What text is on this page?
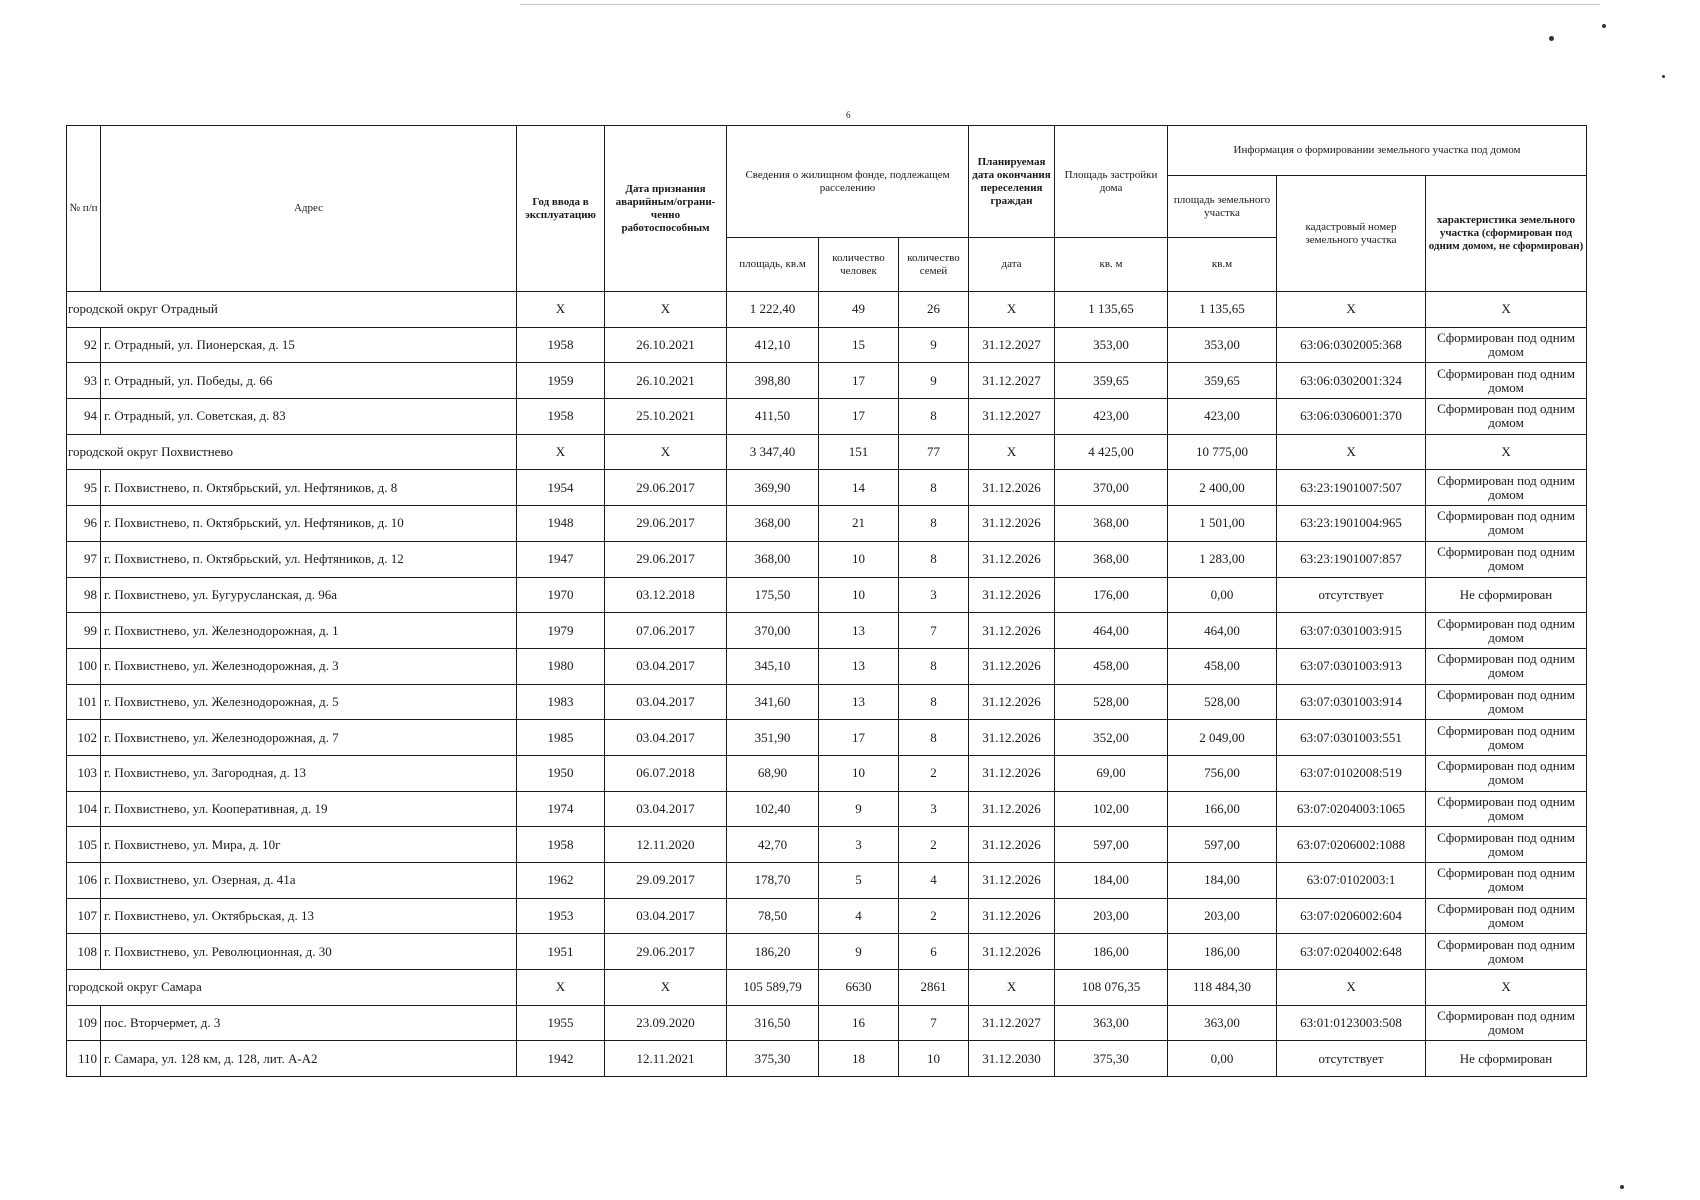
6
№ п/п	Адрес	Год ввода в эксплуатацию	Дата признания аварийным/ограни-ченно работоспособным	Сведения о жилищном фонде, подлежащем расселению			Планируемая дата окончания переселения граждан	Площадь застройки дома	Информация о формировании земельного участка под домом		
									площадь земельного участка	кадастровый номер земельного участка	характеристика земельного участка (сформирован под одним домом, не сформирован)
				площадь, кв.м	количество человек	количество семей	дата	кв. м	кв.м		
городской округ Отрадный		X	X	1 222,40	49	26	X	1 135,65	1 135,65	X	X
92	г. Отрадный, ул. Пионерская, д. 15	1958	26.10.2021	412,10	15	9	31.12.2027	353,00	353,00	63:06:0302005:368	Сформирован под одним домом
93	г. Отрадный, ул. Победы, д. 66	1959	26.10.2021	398,80	17	9	31.12.2027	359,65	359,65	63:06:0302001:324	Сформирован под одним домом
94	г. Отрадный, ул. Советская, д. 83	1958	25.10.2021	411,50	17	8	31.12.2027	423,00	423,00	63:06:0306001:370	Сформирован под одним домом
городской округ Похвистнево		X	X	3 347,40	151	77	X	4 425,00	10 775,00	X	X
95	г. Похвистнево, п. Октябрьский, ул. Нефтяников, д. 8	1954	29.06.2017	369,90	14	8	31.12.2026	370,00	2 400,00	63:23:1901007:507	Сформирован под одним домом
96	г. Похвистнево, п. Октябрьский, ул. Нефтяников, д. 10	1948	29.06.2017	368,00	21	8	31.12.2026	368,00	1 501,00	63:23:1901004:965	Сформирован под одним домом
97	г. Похвистнево, п. Октябрьский, ул. Нефтяников, д. 12	1947	29.06.2017	368,00	10	8	31.12.2026	368,00	1 283,00	63:23:1901007:857	Сформирован под одним домом
98	г. Похвистнево, ул. Бугурусланская, д. 96а	1970	03.12.2018	175,50	10	3	31.12.2026	176,00	0,00	отсутствует	Не сформирован
99	г. Похвистнево, ул. Железнодорожная, д. 1	1979	07.06.2017	370,00	13	7	31.12.2026	464,00	464,00	63:07:0301003:915	Сформирован под одним домом
100	г. Похвистнево, ул. Железнодорожная, д. 3	1980	03.04.2017	345,10	13	8	31.12.2026	458,00	458,00	63:07:0301003:913	Сформирован под одним домом
101	г. Похвистнево, ул. Железнодорожная, д. 5	1983	03.04.2017	341,60	13	8	31.12.2026	528,00	528,00	63:07:0301003:914	Сформирован под одним домом
102	г. Похвистнево, ул. Железнодорожная, д. 7	1985	03.04.2017	351,90	17	8	31.12.2026	352,00	2 049,00	63:07:0301003:551	Сформирован под одним домом
103	г. Похвистнево, ул. Загородная, д. 13	1950	06.07.2018	68,90	10	2	31.12.2026	69,00	756,00	63:07:0102008:519	Сформирован под одним домом
104	г. Похвистнево, ул. Кооперативная, д. 19	1974	03.04.2017	102,40	9	3	31.12.2026	102,00	166,00	63:07:0204003:1065	Сформирован под одним домом
105	г. Похвистнево, ул. Мира, д. 10г	1958	12.11.2020	42,70	3	2	31.12.2026	597,00	597,00	63:07:0206002:1088	Сформирован под одним домом
106	г. Похвистнево, ул. Озерная, д. 41а	1962	29.09.2017	178,70	5	4	31.12.2026	184,00	184,00	63:07:0102003:1	Сформирован под одним домом
107	г. Похвистнево, ул. Октябрьская, д. 13	1953	03.04.2017	78,50	4	2	31.12.2026	203,00	203,00	63:07:0206002:604	Сформирован под одним домом
108	г. Похвистнево, ул. Революционная, д. 30	1951	29.06.2017	186,20	9	6	31.12.2026	186,00	186,00	63:07:0204002:648	Сформирован под одним домом
городской округ Самара		X	X	105 589,79	6630	2861	X	108 076,35	118 484,30	X	X
109	пос. Вторчермет, д. 3	1955	23.09.2020	316,50	16	7	31.12.2027	363,00	363,00	63:01:0123003:508	Сформирован под одним домом
110	г. Самара, ул. 128 км, д. 128, лит. А-А2	1942	12.11.2021	375,30	18	10	31.12.2030	375,30	0,00	отсутствует	Не сформирован
